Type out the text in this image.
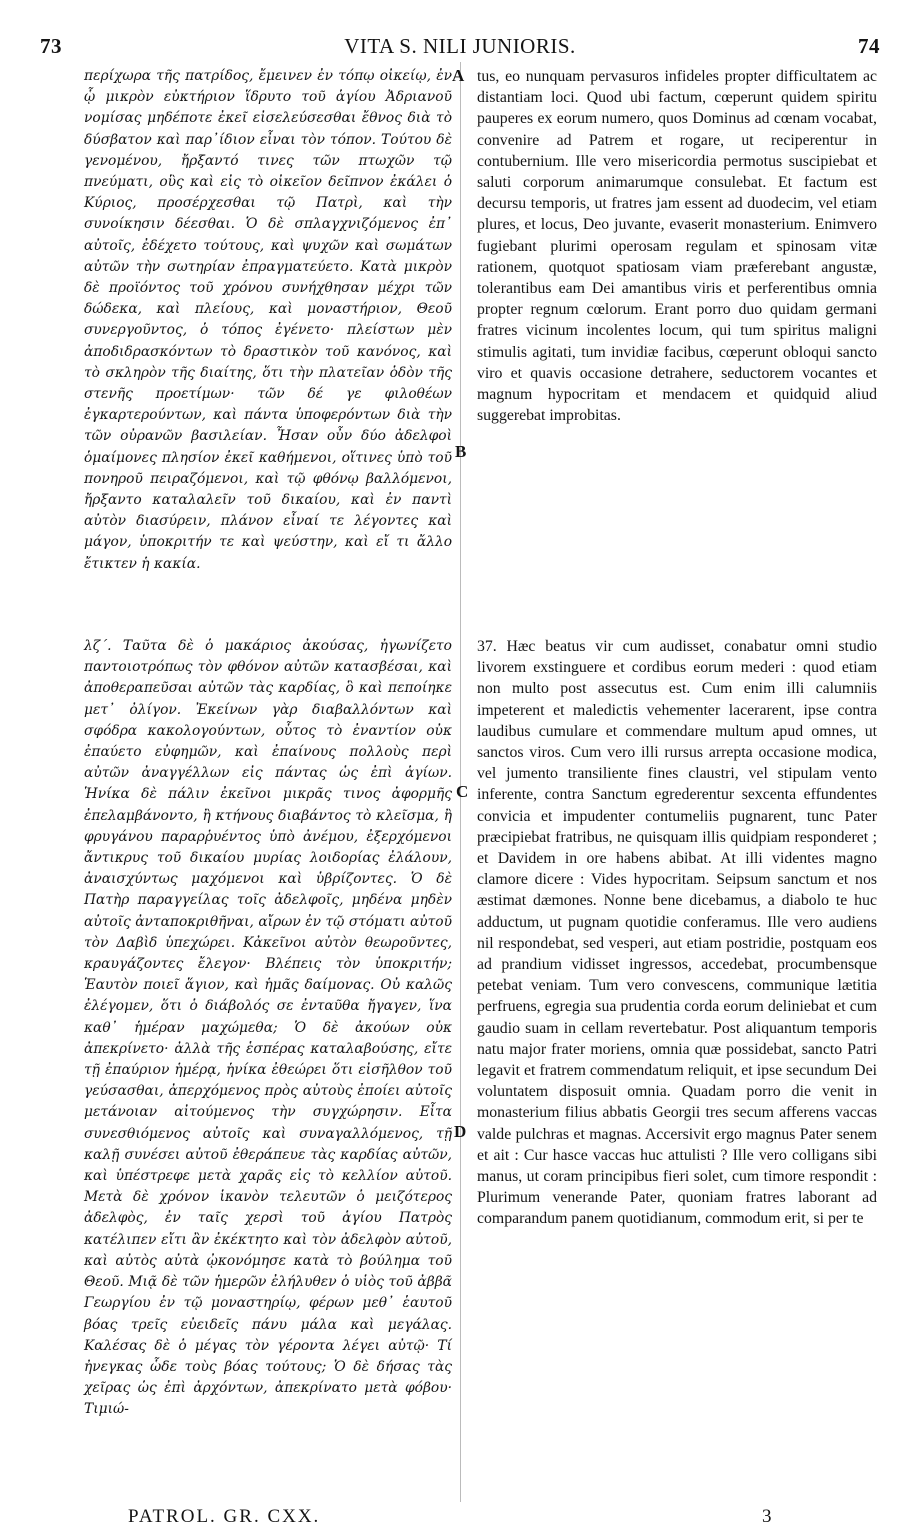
73	VITA S. NILI JUNIORIS.	74

περίχωρα τῆς πατρίδος, ἔμεινεν ἐν τόπῳ οἰκείῳ, ἐν ᾧ μικρὸν εὐκτήριον ἵδρυτο τοῦ ἁγίου Ἀδριανοῦ νομίσας μηδέποτε ἐκεῖ εἰσελεύσεσθαι ἔθνος διὰ τὸ δύσβατον καὶ παρ᾽ίδιον εἶναι τὸν τόπον. Τούτου δὲ γενομένου, ἤρξαντό τινες τῶν πτωχῶν τῷ πνεύματι, οὓς καὶ εἰς τὸ οἰκεῖον δεῖπνον ἐκάλει ὁ Κύριος, προσέρχεσθαι τῷ Πατρὶ, καὶ τὴν συνοίκησιν δέεσθαι. Ὁ δὲ σπλαγχνιζόμενος ἐπ᾽ αὐτοῖς, ἐδέχετο τούτους, καὶ ψυχῶν καὶ σωμάτων αὐτῶν τὴν σωτηρίαν ἐπραγματεύετο. Κατὰ μικρὸν δὲ προϊόντος τοῦ χρόνου συνήχθησαν μέχρι τῶν δώδεκα, καὶ πλείους, καὶ μοναστήριον, Θεοῦ συνεργοῦντος, ὁ τόπος ἐγένετο· πλείστων μὲν ἀποδιδρασκόντων τὸ δραστικὸν τοῦ κανόνος, καὶ τὸ σκληρὸν τῆς διαίτης, ὅτι τὴν πλατεῖαν ὁδὸν τῆς στενῆς προετίμων· τῶν δέ γε φιλοθέων ἐγκαρτερούντων, καὶ πάντα ὑποφερόντων διὰ τὴν τῶν οὐρανῶν βασιλείαν. Ἦσαν οὖν δύο ἀδελφοὶ ὁμαίμονες πλησίον ἐκεῖ καθήμενοι, οἵτινες ὑπὸ τοῦ πονηροῦ πειραζόμενοι, καὶ τῷ φθόνῳ βαλλόμενοι, ἤρξαντο καταλαλεῖν τοῦ δικαίου, καὶ ἐν παντὶ αὐτὸν διασύρειν, πλάνον εἶναί τε λέγοντες καὶ μάγον, ὑποκριτήν τε καὶ ψεύστην, καὶ εἴ τι ἄλλο ἔτικτεν ἡ κακία.

tus, eo nunquam pervasuros infideles propter difficultatem ac distantiam loci. Quod ubi factum, cœperunt quidem spiritu pauperes ex eorum numero, quos Dominus ad cœnam vocabat, convenire ad Patrem et rogare, ut reciperentur in contubernium. Ille vero misericordia permotus suscipiebat et saluti corporum animarumque consulebat. Et factum est decursu temporis, ut fratres jam essent ad duodecim, vel etiam plures, et locus, Deo juvante, evaserit monasterium. Enimvero fugiebant plurimi operosam regulam et spinosam vitæ rationem, quotquot spatiosam viam præferebant angustæ, tolerantibus eam Dei amantibus viris et perferentibus omnia propter regnum cœlorum. Erant porro duo quidam germani fratres vicinum incolentes locum, qui tum spiritus maligni stimulis agitati, tum invidiæ facibus, cœperunt obloqui sancto viro et quavis occasione detrahere, seductorem vocantes et magnum hypocritam et mendacem et quidquid aliud suggerebat improbitas.

λζ΄. Ταῦτα δὲ ὁ μακάριος ἀκούσας, ἠγωνίζετο παντοιοτρόπως τὸν φθόνον αὐτῶν κατασβέσαι, καὶ ἀποθεραπεῦσαι αὐτῶν τὰς καρδίας, ὃ καὶ πεποίηκε μετ᾽ ὀλίγον. Ἐκείνων γὰρ διαβαλλόντων καὶ σφόδρα κακολογούντων, οὗτος τὸ ἐναντίον οὐκ ἐπαύετο εὐφημῶν, καὶ ἐπαίνους πολλοὺς περὶ αὐτῶν ἀναγγέλλων εἰς πάντας ὡς ἐπὶ ἁγίων. Ἡνίκα δὲ πάλιν ἐκεῖνοι μικρᾶς τινος ἀφορμῆς ἐπελαμβάνοντο, ἢ κτήνους διαβάντος τὸ κλεῖσμα, ἢ φρυγάνου παραρῥυέντος ὑπὸ ἀνέμου, ἐξερχόμενοι ἄντικρυς τοῦ δικαίου μυρίας λοιδορίας ἐλάλουν, ἀναισχύντως μαχόμενοι καὶ ὑβρίζοντες. Ὁ δὲ Πατὴρ παραγγείλας τοῖς ἀδελφοῖς, μηδένα μηδὲν αὐτοῖς ἀνταποκριθῆναι, αἴρων ἐν τῷ στόματι αὐτοῦ τὸν Δαβὶδ ὑπεχώρει. Κἀκεῖνοι αὐτὸν θεωροῦντες, κραυγάζοντες ἔλεγον· Βλέπεις τὸν ὑποκριτήν; Ἑαυτὸν ποιεῖ ἅγιον, καὶ ἡμᾶς δαίμονας. Οὐ καλῶς ἐλέγομεν, ὅτι ὁ διάβολός σε ἐνταῦθα ἤγαγεν, ἵνα καθ᾽ ἡμέραν μαχώμεθα; Ὁ δὲ ἀκούων οὐκ ἀπεκρίνετο· ἀλλὰ τῆς ἑσπέρας καταλαβούσης, εἴτε τῇ ἐπαύριον ἡμέρᾳ, ἡνίκα ἐθεώρει ὅτι εἰσῆλθον τοῦ γεύσασθαι, ἀπερχόμενος πρὸς αὐτοὺς ἐποίει αὐτοῖς μετάνοιαν αἰτούμενος τὴν συγχώρησιν. Εἶτα συνεσθιόμενος αὐτοῖς καὶ συναγαλλόμενος, τῇ καλῇ συνέσει αὐτοῦ ἐθεράπευε τὰς καρδίας αὐτῶν, καὶ ὑπέστρεφε μετὰ χαρᾶς εἰς τὸ κελλίον αὐτοῦ. Μετὰ δὲ χρόνον ἱκανὸν τελευτῶν ὁ μειζότερος ἀδελφὸς, ἐν ταῖς χερσὶ τοῦ ἁγίου Πατρὸς κατέλιπεν εἴτι ἂν ἐκέκτητο καὶ τὸν ἀδελφὸν αὐτοῦ, καὶ αὐτὸς αὐτὰ ᾠκονόμησε κατὰ τὸ βούλημα τοῦ Θεοῦ. Μιᾷ δὲ τῶν ἡμερῶν ἐλήλυθεν ὁ υἱὸς τοῦ ἀββᾶ Γεωργίου ἐν τῷ μοναστηρίῳ, φέρων μεθ᾽ ἑαυτοῦ βόας τρεῖς εὐειδεῖς πάνυ μάλα καὶ μεγάλας. Καλέσας δὲ ὁ μέγας τὸν γέροντα λέγει αὐτῷ· Τί ἠνεγκας ὧδε τοὺς βόας τούτους; Ὁ δὲ δήσας τὰς χεῖρας ὡς ἐπὶ ἀρχόντων, ἀπεκρίνατο μετὰ φόβου· Τιμιώ-

37. Hæc beatus vir cum audisset, conabatur omni studio livorem exstinguere et cordibus eorum mederi : quod etiam non multo post assecutus est. Cum enim illi calumniis impeterent et maledictis vehementer lacerarent, ipse contra laudibus cumulare et commendare multum apud omnes, ut sanctos viros. Cum vero illi rursus arrepta occasione modica, vel jumento transiliente fines claustri, vel stipulam vento inferente, contra Sanctum egrederentur sexcenta effundentes convicia et impudenter contumeliis pugnarent, tunc Pater præcipiebat fratribus, ne quisquam illis quidpiam responderet ; et Davidem in ore habens abibat. At illi videntes magno clamore dicere : Vides hypocritam. Seipsum sanctum et nos æstimat dæmones. Nonne bene dicebamus, a diabolo te huc adductum, ut pugnam quotidie conferamus. Ille vero audiens nil respondebat, sed vesperi, aut etiam postridie, postquam eos ad prandium vidisset ingressos, accedebat, procumbensque petebat veniam. Tum vero convescens, communique lætitia perfruens, egregia sua prudentia corda eorum deliniebat et cum gaudio suam in cellam revertebatur. Post aliquantum temporis natu major frater moriens, omnia quæ possidebat, sancto Patri legavit et fratrem commendatum reliquit, et ipse secundum Dei voluntatem disposuit omnia. Quadam porro die venit in monasterium filius abbatis Georgii tres secum afferens vaccas valde pulchras et magnas. Accersivit ergo magnus Pater senem et ait : Cur hasce vaccas huc attulisti ? Ille vero colligans sibi manus, ut coram principibus fieri solet, cum timore respondit : Plurimum venerande Pater, quoniam fratres laborant ad comparandum panem quotidianum, commodum erit, si per te

A
B
C
D
PATROL. GR. CXX.	3
